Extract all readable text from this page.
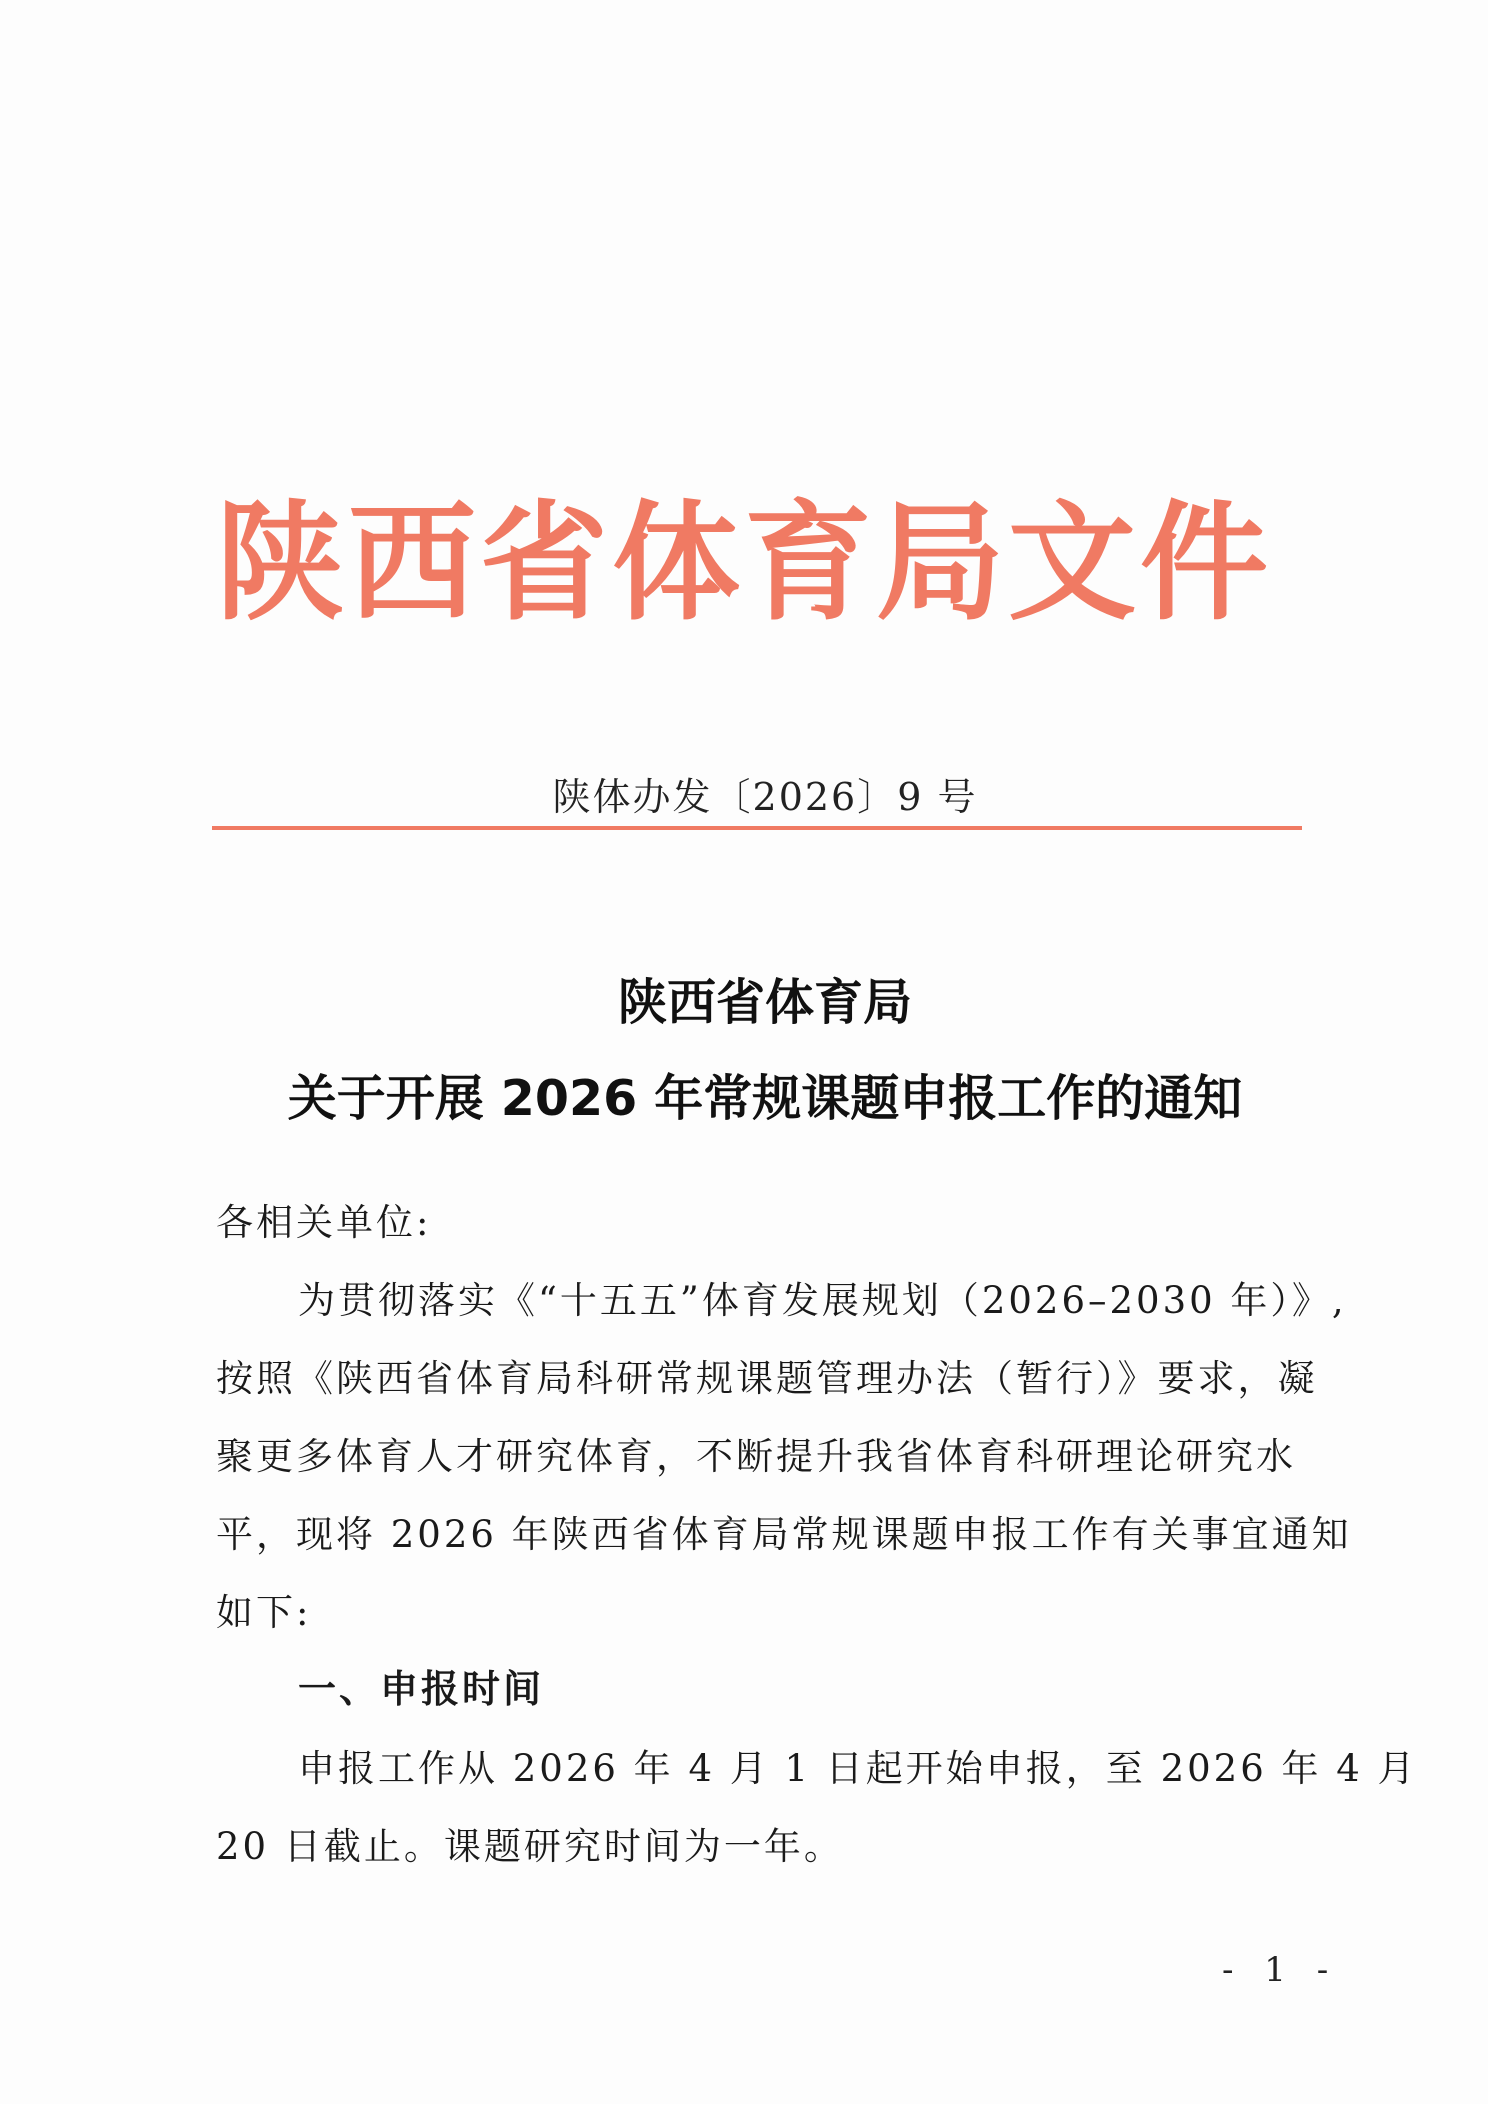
陕西省体育局文件
陕体办发〔2026〕9 号
陕西省体育局
关于开展 2026 年常规课题申报工作的通知
各相关单位:
为贯彻落实《“十五五”体育发展规划（2026–2030 年）》,
按照《陕西省体育局科研常规课题管理办法（暂行）》要求，凝
聚更多体育人才研究体育，不断提升我省体育科研理论研究水
平，现将 2026 年陕西省体育局常规课题申报工作有关事宜通知
如下:
一、申报时间
申报工作从 2026 年 4 月 1 日起开始申报，至 2026 年 4 月
20 日截止。课题研究时间为一年。
- 1 -
